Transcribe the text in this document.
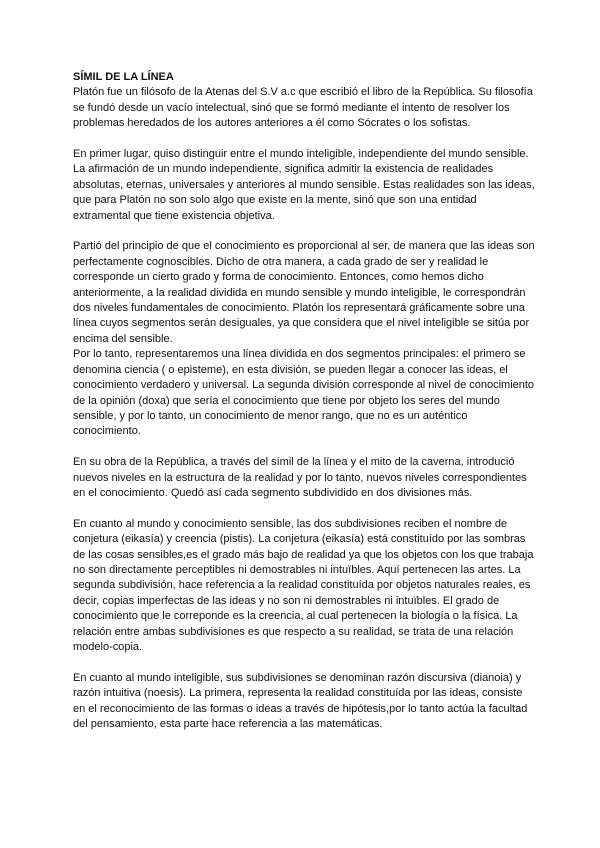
SÍMIL DE LA LÍNEA

Platón fue un filósofo de la Atenas del S.V a.c que escribió el libro de la República. Su filosofía se fundó desde un vacío intelectual, sinó que se formó mediante el intento de resolver los problemas heredados de los autores anteriores a él como Sócrates o los sofistas.

En primer lugar, quiso distinguir entre el mundo inteligible, independiente del mundo sensible. La afirmación de un mundo independiente, significa admitir la existencia de realidades absolutas, eternas, universales y anteriores al mundo sensible. Estas realidades son las ideas, que para Platón no son solo algo que existe en la mente, sinó que son una entidad extramental que tiene existencia objetiva.

Partió del principio de que el conocimiento es proporcional al ser, de manera que las ideas son perfectamente cognoscibles. Dicho de otra manera, a cada grado de ser y realidad le corresponde un cierto grado y forma de conocimiento. Entonces, como hemos dicho anteriormente, a la realidad dividida en mundo sensible y mundo inteligible, le correspondrán dos niveles fundamentales de conocimiento. Platón los representará gráficamente sobre una línea cuyos segmentos serán desiguales, ya que considera que el nivel inteligible se sitúa por encima del sensible.

Por lo tanto, representaremos una línea dividida en dos segmentos principales: el primero se denomina ciencia ( o episteme), en esta división, se pueden llegar a conocer las ideas, el conocimiento verdadero y universal. La segunda división corresponde al nivel de conocimiento de la opinión (doxa) que sería el conocimiento que tiene por objeto los seres del mundo sensible, y por lo tanto, un conocimiento de menor rango, que no es un auténtico conocimiento.

En su obra de la República, a través del símil de la línea y el mito de la caverna, introdució nuevos niveles en la estructura de la realidad y por lo tanto, nuevos niveles correspondientes en el conocimiento. Quedó así cada segmento subdividido en dos divisiones más.

En cuanto al mundo y conocimiento sensible, las dos subdivisiones reciben el nombre de conjetura (eikasía) y creencia (pistis). La conjetura (eikasía) está constituído por las sombras de las cosas sensibles,es el grado más bajo de realidad ya que los objetos con los que trabaja no son directamente perceptibles ni demostrables ni intuïbles. Aquí pertenecen las artes. La segunda subdivisión, hace referencia a la realidad constituída por objetos naturales reales, es decir, copias imperfectas de las ideas y no son ni demostrables ni intuïbles. El grado de conocimiento que le correponde es la creencia, al cual pertenecen la biología o la física. La relación entre ambas subdivisiones es que respecto a su realidad, se trata de una relación modelo-copia.

En cuanto al mundo inteligible, sus subdivisiones se denominan razón discursiva (dianoia) y razón intuitiva (noesis). La primera, representa la realidad constituída por las ideas, consiste en el reconocimiento de las formas o ideas a través de hipótesis,por lo tanto actúa la facultad del pensamiento, esta parte hace referencia a las matemáticas.
